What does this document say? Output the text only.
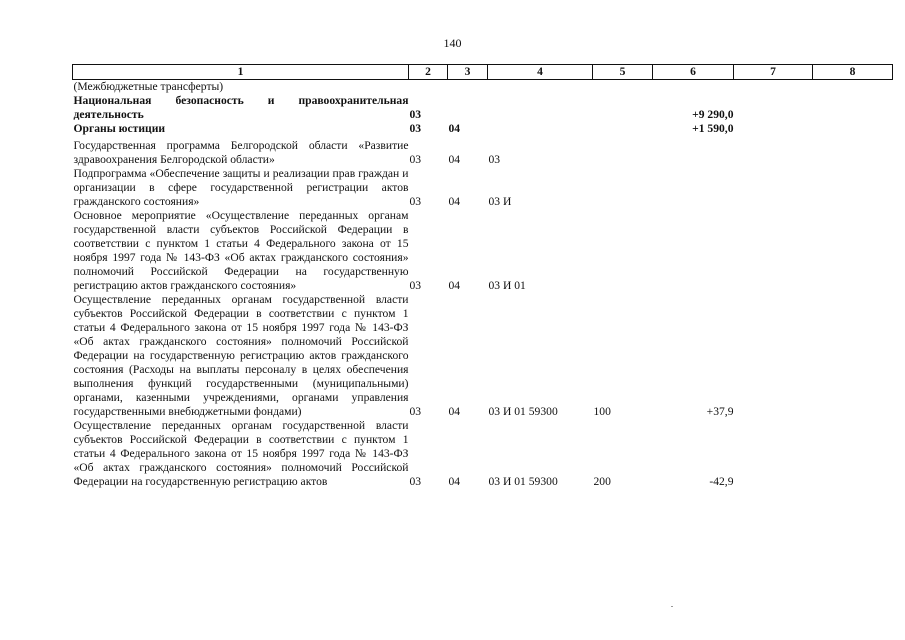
140
1	2	3	4	5	6	7	8
(Межбюджетные трансферты)							
Национальная безопасность и правоохранительная деятельность	03				+9 290,0		
Органы юстиции	03	04			+1 590,0		
Государственная программа Белгородской области «Развитие здравоохранения Белгородской области»	03	04	03				
Подпрограмма «Обеспечение защиты и реализации прав граждан и организации в сфере государственной регистрации актов гражданского состояния»	03	04	03 И				
Основное мероприятие «Осуществление переданных органам государственной власти субъектов Российской Федерации в соответствии с пунктом 1 статьи 4 Федерального закона от 15 ноября 1997 года № 143-ФЗ «Об актах гражданского состояния» полномочий Российской Федерации на государственную регистрацию актов гражданского состояния»	03	04	03 И 01				
Осуществление переданных органам государственной власти субъектов Российской Федерации в соответствии с пунктом 1 статьи 4 Федерального закона от 15 ноября 1997 года № 143-ФЗ «Об актах гражданского состояния» полномочий Российской Федерации на государственную регистрацию актов гражданского состояния (Расходы на выплаты персоналу в целях обеспечения выполнения функций государственными (муниципальными) органами, казенными учреждениями, органами управления государственными внебюджетными фондами)	03	04	03 И 01 59300	100	+37,9		
Осуществление переданных органам государственной власти субъектов Российской Федерации в соответствии с пунктом 1 статьи 4 Федерального закона от 15 ноября 1997 года № 143-ФЗ «Об актах гражданского состояния» полномочий Российской Федерации на государственную регистрацию актов	03	04	03 И 01 59300	200	-42,9		
